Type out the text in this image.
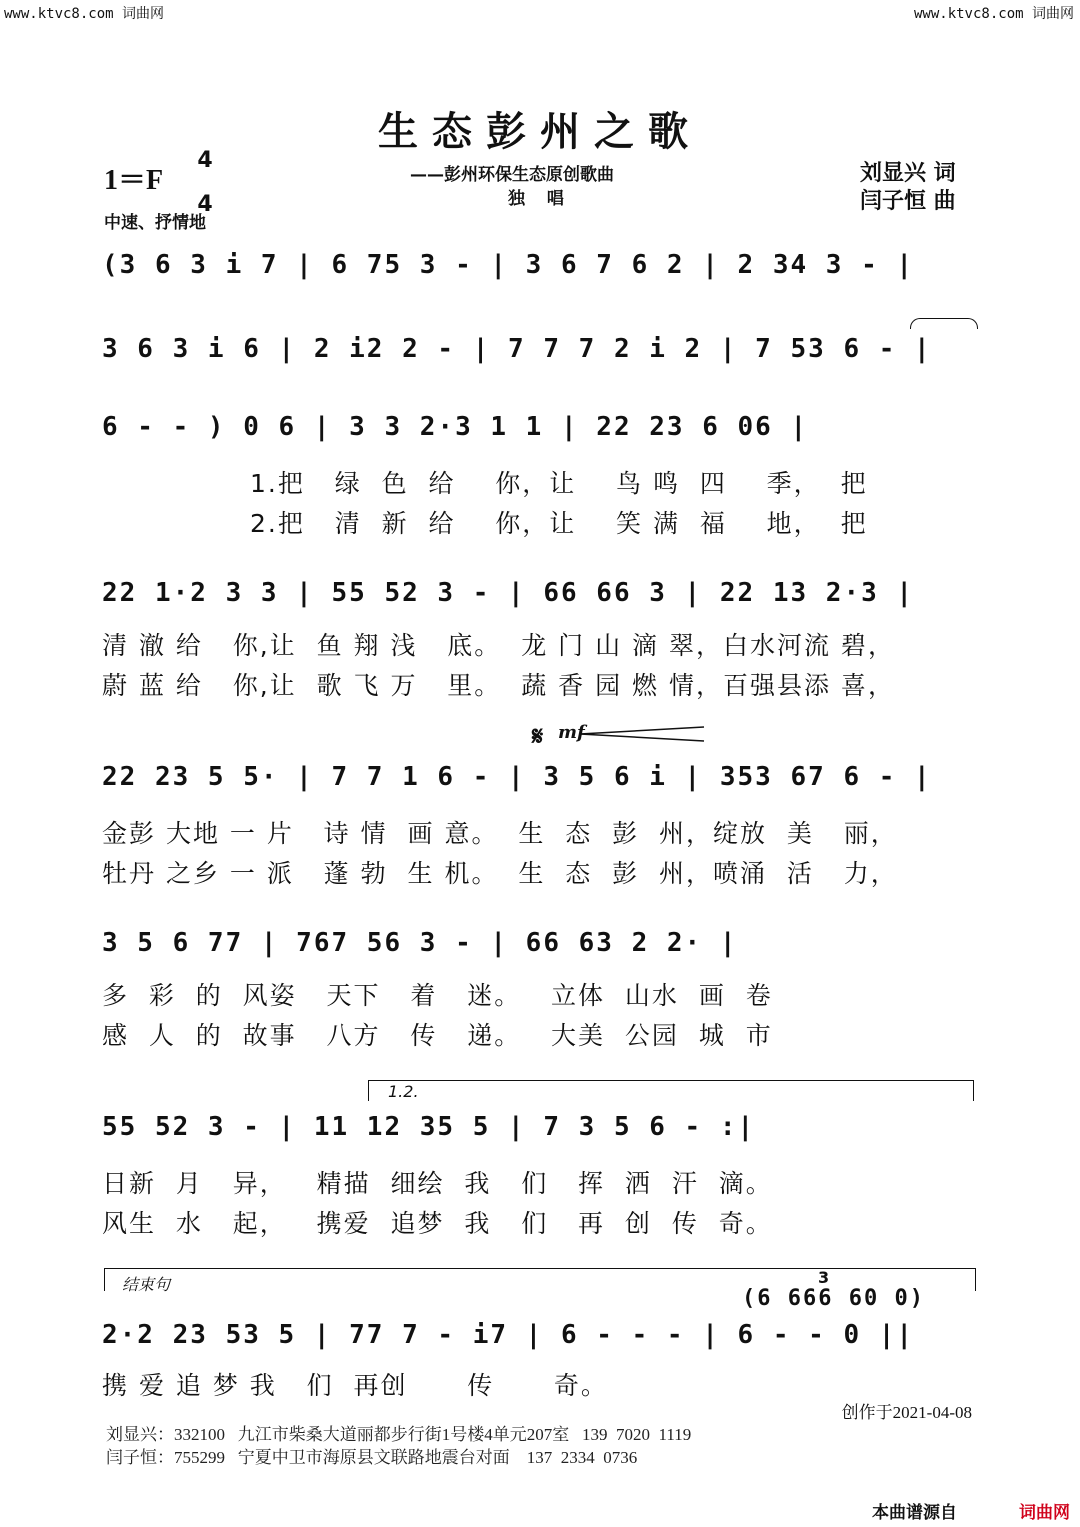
www.ktvc8.com 词曲网	www.ktvc8.com 词曲网
生态彭州之歌
——彭州环保生态原创歌曲
独 唱
刘显兴 词
闫子恒 曲
1＝F
4
4
中速、抒情地
(3 6 3 i 7 | 6 75 3 - | 3 6 7 6 2 | 2 34 3 - |
3 6 3 i 6 | 2 i2 2 - | 7 7 7 2 i 2 | 7 53 6 - |
6 - - ) 0 6 | 3 3 2·3 1 1 | 22 23 6 06 |
1.把   绿  色  给    你，让    鸟 鸣  四    季，  把
2.把   清  新  给    你，让    笑 满  福    地，  把
22 1·2 3 3 | 55 52 3 - | 66 66 3 | 22 13 2·3 |
清 澈 给   你,让  鱼 翔 浅   底。  龙 门 山 滴 翠，白水河流 碧，
蔚 蓝 给   你,让  歌 飞 万   里。  蔬 香 园 燃 情，百强县添 喜，
𝄋 mf
22 23 5 5· | 7 7 1 6 - | 3 5 6 i | 353 67 6 - |
金彭 大地 一 片   诗 情  画 意。  生  态  彭  州，绽放  美   丽，
牡丹 之乡 一 派   蓬 勃  生 机。  生  态  彭  州，喷涌  活   力，
3 5 6 77 | 767 56 3 - | 66 63 2 2· |
多  彩  的  风姿   天下   着   迷。   立体  山水  画  卷
感  人  的  故事   八方   传   递。   大美  公园  城  市
1.2.
55 52 3 - | 11 12 35 5 | 7 3 5 6 - :|
日新  月   异，   精描  细绘  我   们   挥  洒  汗  滴。
风生  水   起，   携爱  追梦  我   们   再  创  传  奇。
结束句	3
(6 666 60 0)
2·2 23 53 5 | 77 7 - i7 | 6 - - - | 6 - - 0 ||
携 爱 追 梦 我   们  再创      传      奇。
创作于2021-04-08
刘显兴：332100   九江市柴桑大道丽都步行街1号楼4单元207室   139  7020  1119
闫子恒：755299   宁夏中卫市海原县文联路地震台对面    137  2334  0736
本曲谱源自	词曲网
